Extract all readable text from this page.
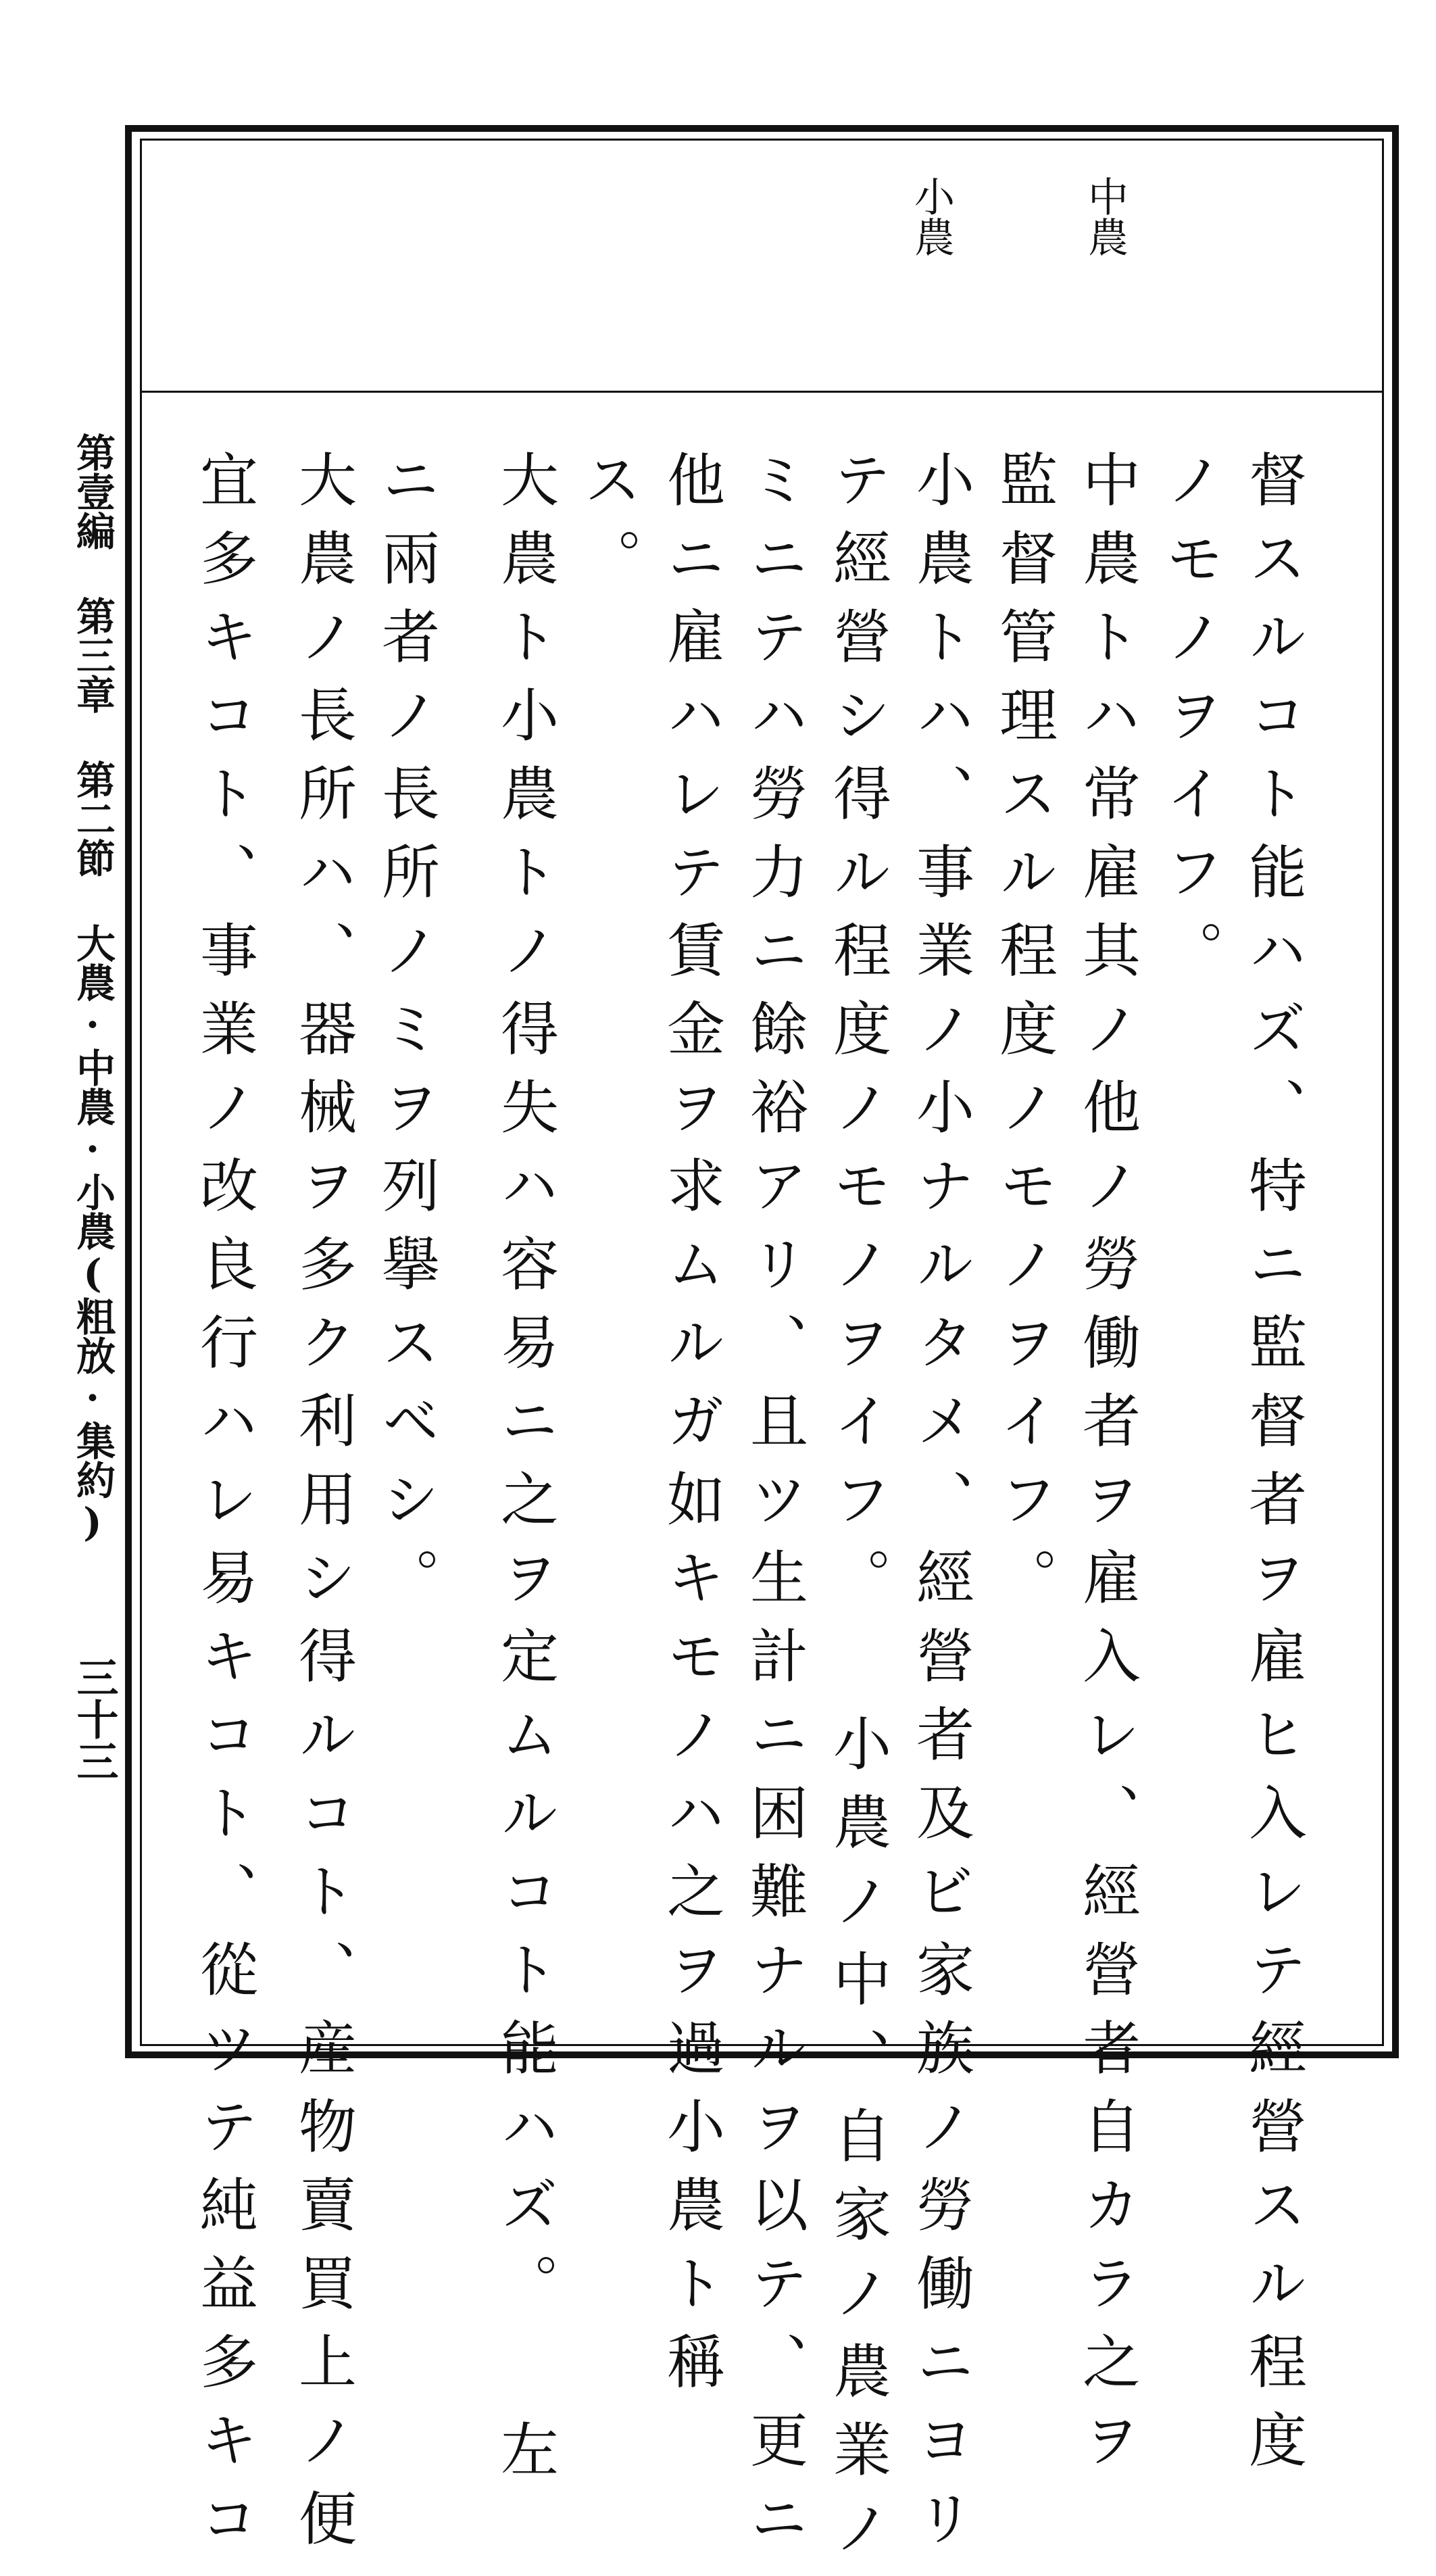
第壹編 第三章 第二節 大農·中農·小農(粗放·集約)
三十三
中農
小農
督スルコト能ハズ、特ニ監督者ヲ雇ヒ入レテ經營スル程度
ノモノヲイフ。
中農トハ常雇其ノ他ノ勞働者ヲ雇入レ、經營者自カラ之ヲ
監督管理スル程度ノモノヲイフ。
小農トハ、事業ノ小ナルタメ、經營者及ビ家族ノ勞働ニヨリ
テ經營シ得ル程度ノモノヲイフ。 小農ノ中、自家ノ農業ノ
ミニテハ勞力ニ餘裕アリ、且ツ生計ニ困難ナルヲ以テ、更ニ
他ニ雇ハレテ賃金ヲ求ムルガ如キモノハ之ヲ過小農ト稱
ス。
大農ト小農トノ得失ハ容易ニ之ヲ定ムルコト能ハズ。 左
ニ兩者ノ長所ノミヲ列擧スベシ。
大農ノ長所ハ、器械ヲ多ク利用シ得ルコト、産物賣買上ノ便
宜多キコト、事業ノ改良行ハレ易キコト、從ツテ純益多キコ
